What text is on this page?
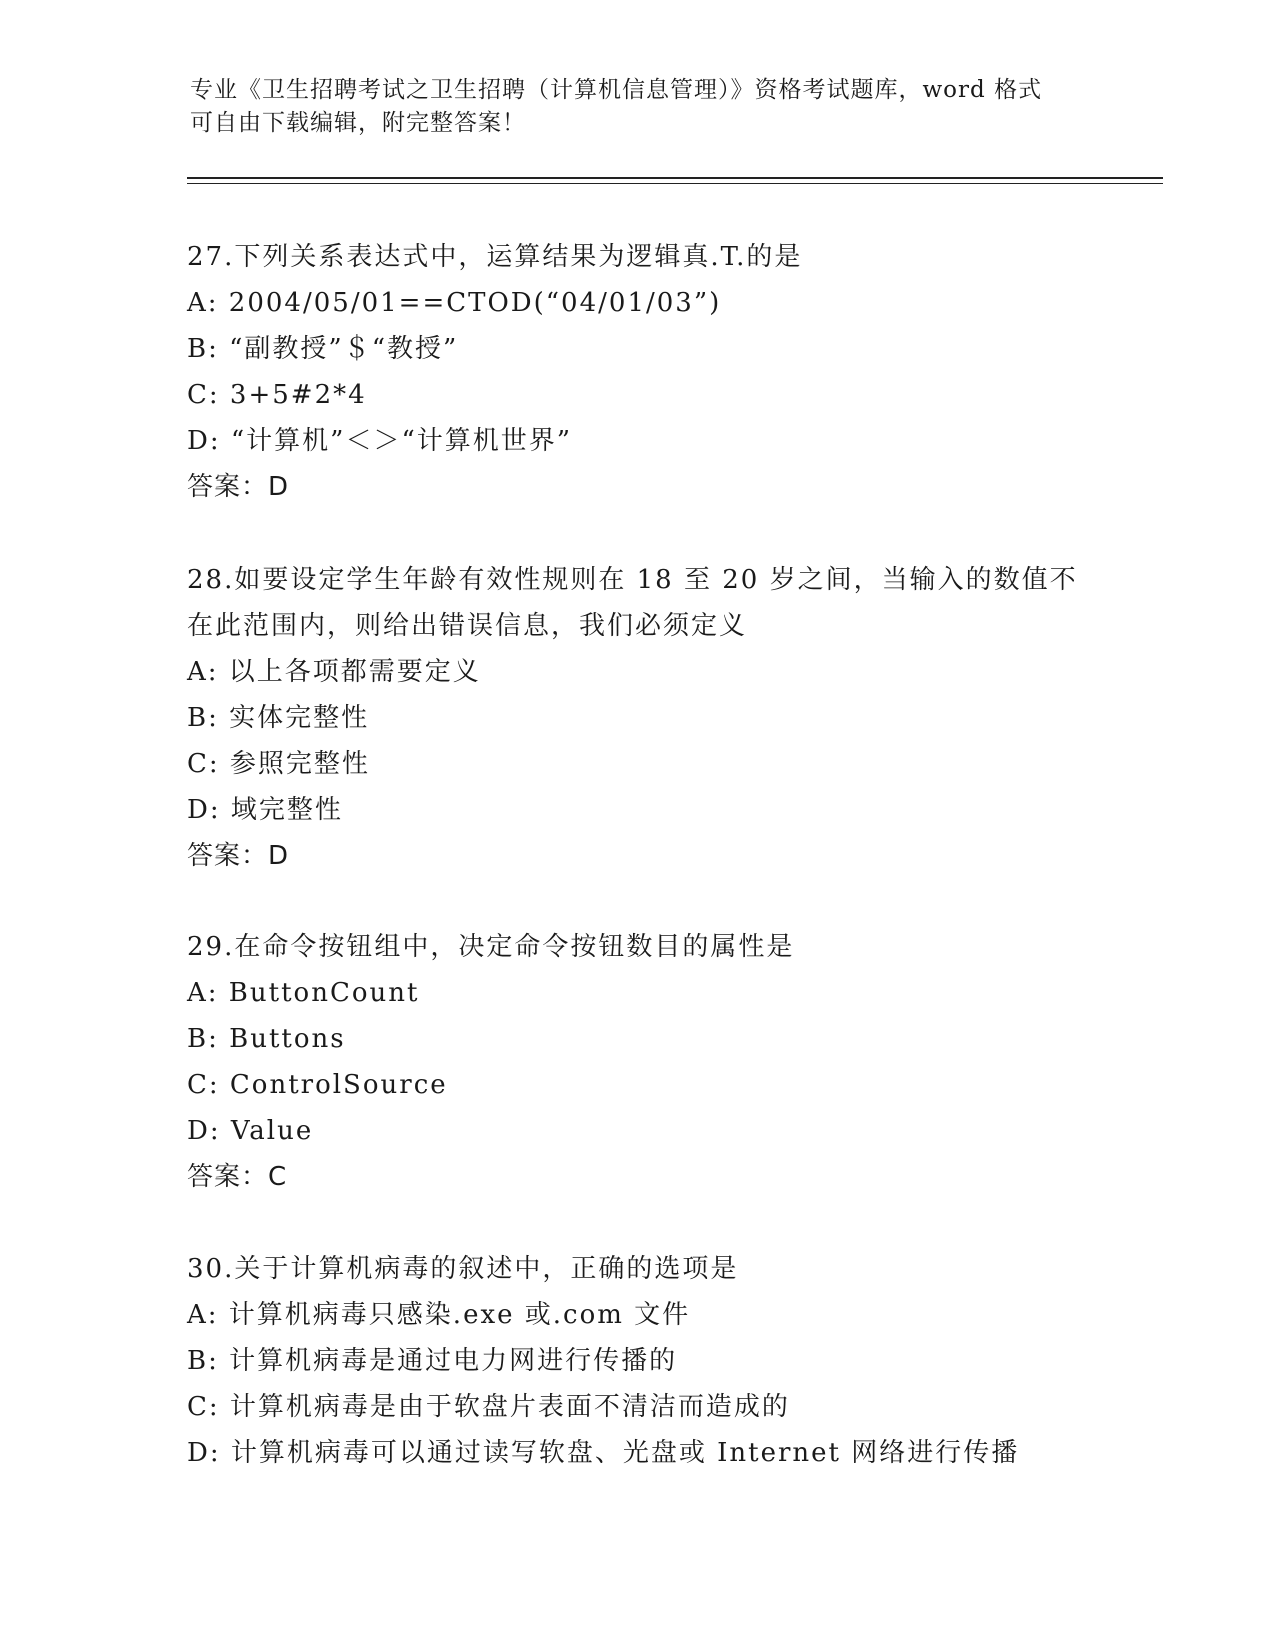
专业《卫生招聘考试之卫生招聘（计算机信息管理）》资格考试题库，word 格式
可自由下载编辑，附完整答案！
27.下列关系表达式中，运算结果为逻辑真.T.的是
A: 2004/05/01==CTOD(“04/01/03”)
B: “副教授”＄“教授”
C: 3+5#2*4
D: “计算机”＜＞“计算机世界”
答案：D
28.如要设定学生年龄有效性规则在 18 至 20 岁之间，当输入的数值不
在此范围内，则给出错误信息，我们必须定义
A: 以上各项都需要定义
B: 实体完整性
C: 参照完整性
D: 域完整性
答案：D
29.在命令按钮组中，决定命令按钮数目的属性是
A: ButtonCount
B: Buttons
C: ControlSource
D: Value
答案：C
30.关于计算机病毒的叙述中，正确的选项是
A: 计算机病毒只感染.exe 或.com 文件
B: 计算机病毒是通过电力网进行传播的
C: 计算机病毒是由于软盘片表面不清洁而造成的
D: 计算机病毒可以通过读写软盘、光盘或 Internet 网络进行传播
